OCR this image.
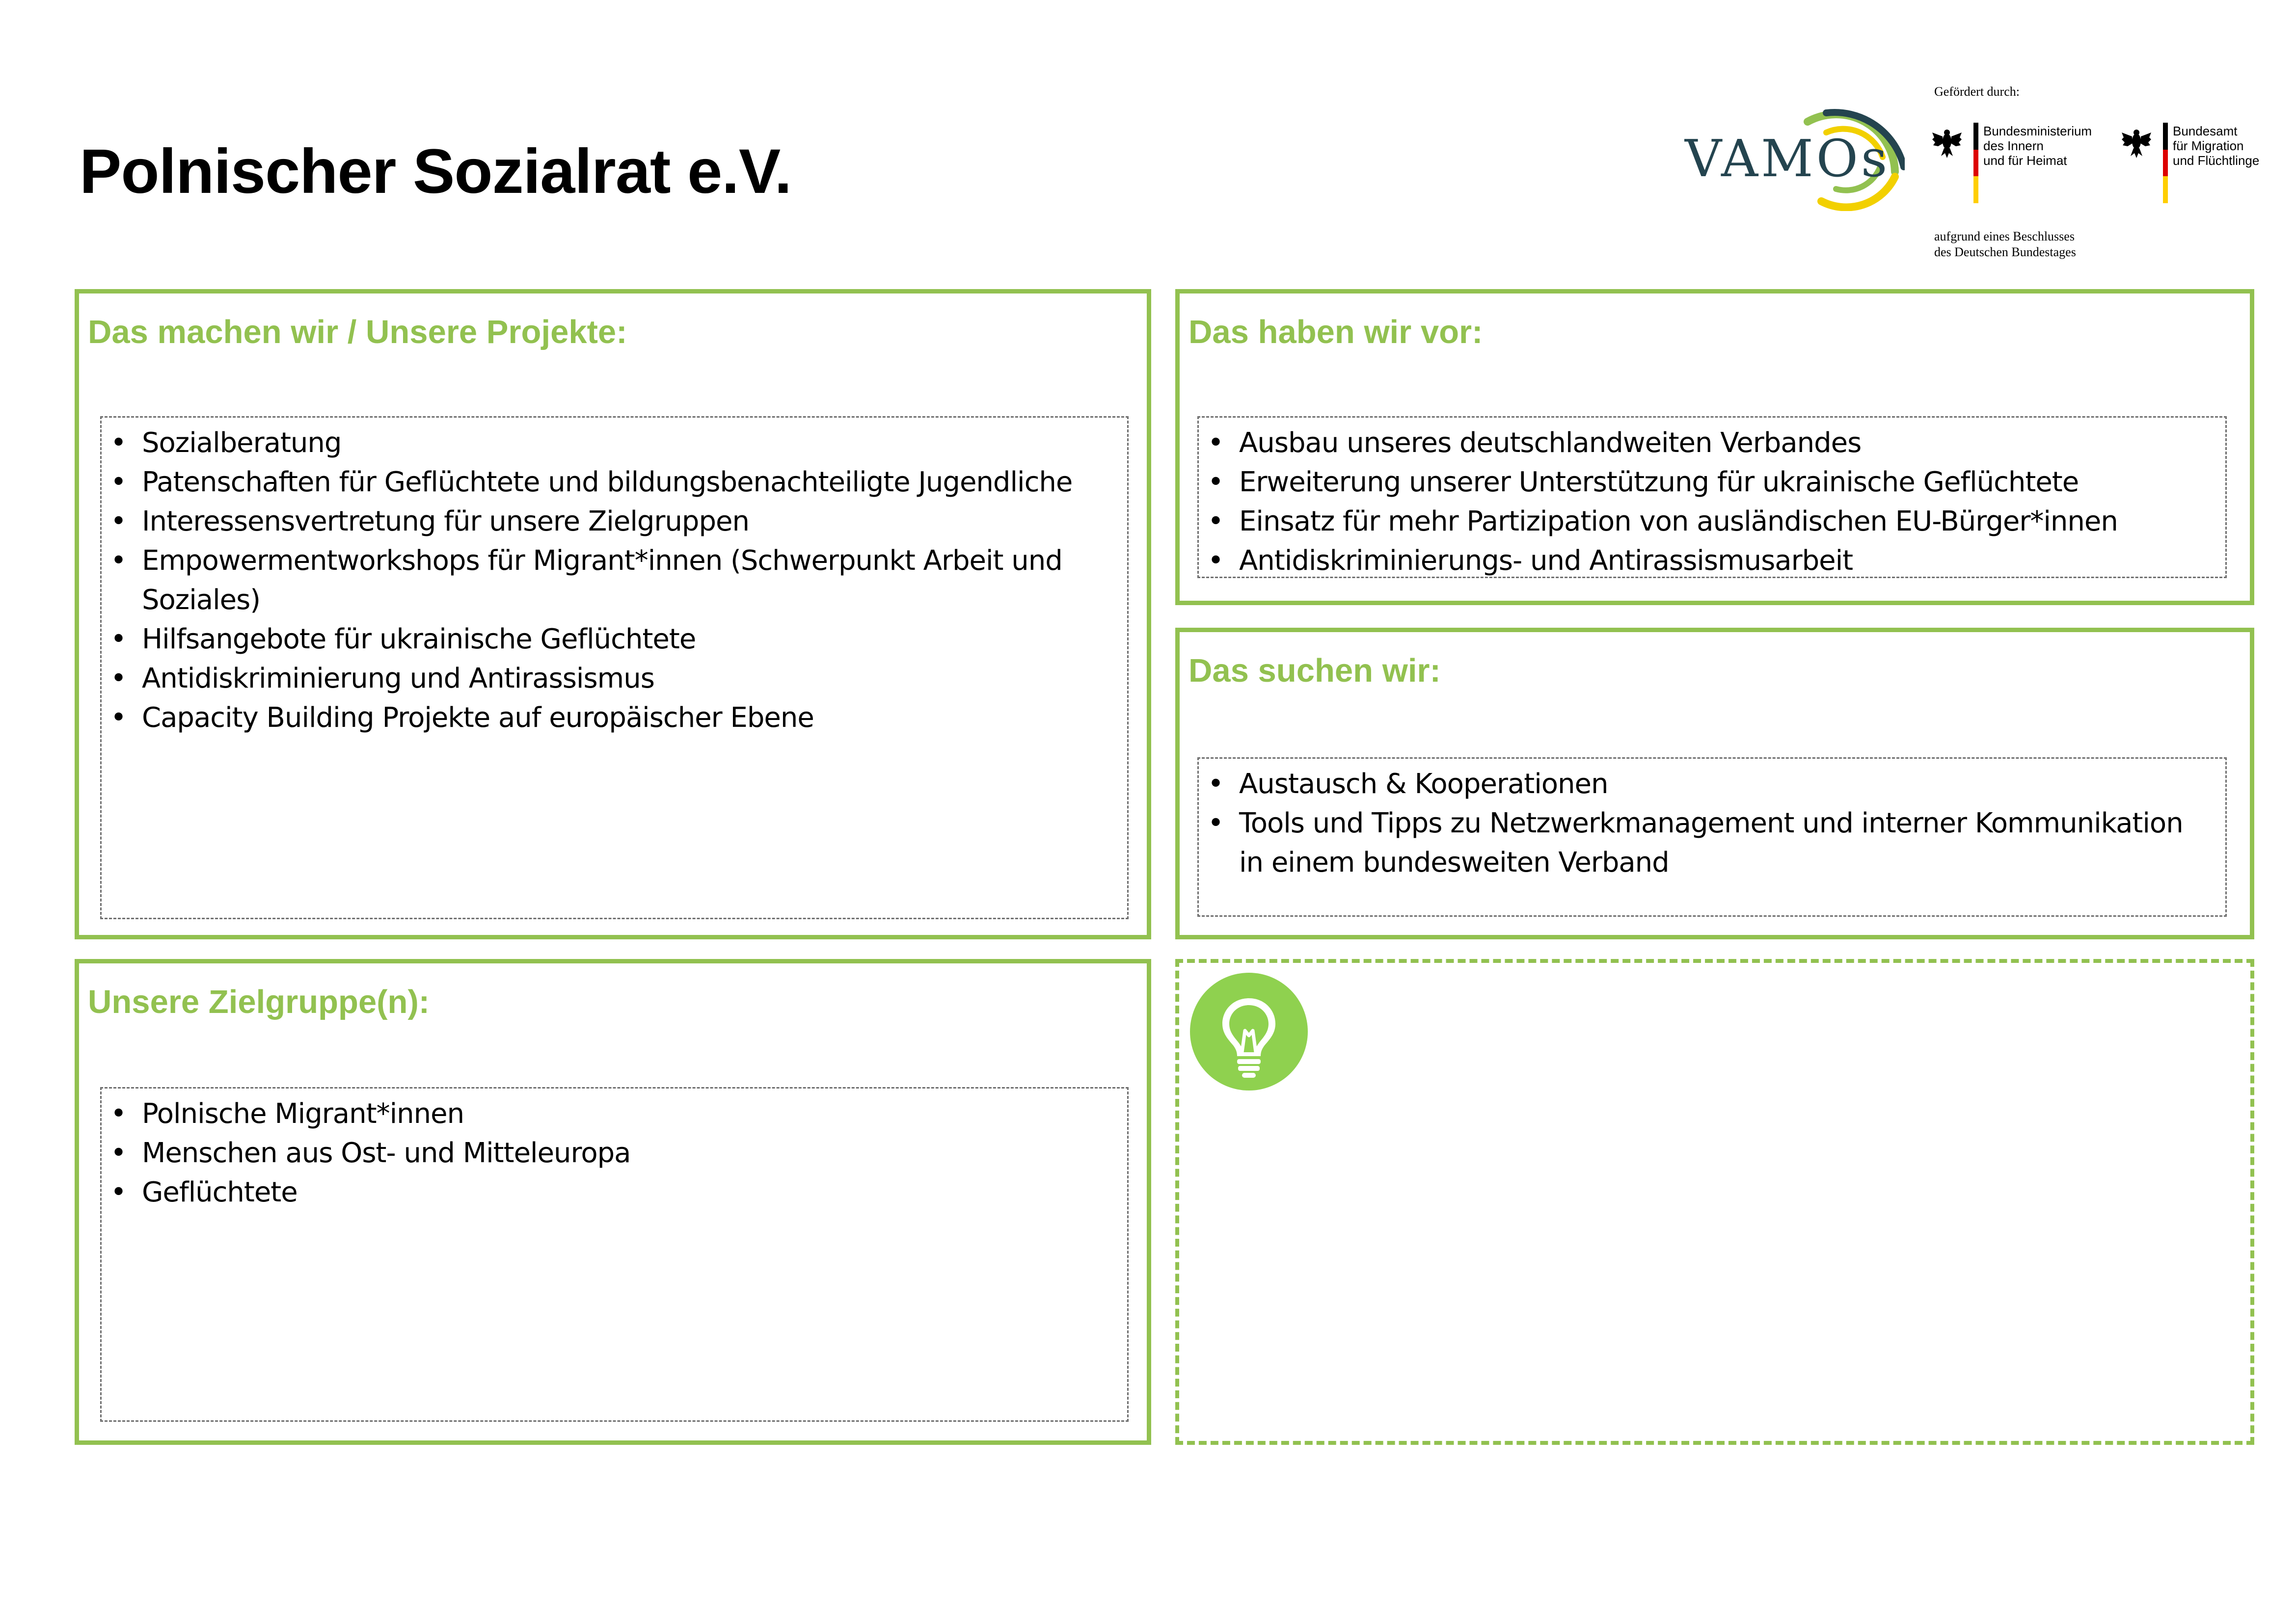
Polnischer Sozialrat e.V.	VAMOs
Gefördert durch:
Bundesministerium
des Innern
und für Heimat
Bundesamt
für Migration
und Flüchtlinge
aufgrund eines Beschlusses
des Deutschen Bundestages
Das machen wir / Unsere Projekte:
• Sozialberatung
• Patenschaften für Geflüchtete und bildungsbenachteiligte Jugendliche
• Interessensvertretung für unsere Zielgruppen
• Empowermentworkshops für Migrant*innen (Schwerpunkt Arbeit und Soziales)
• Hilfsangebote für ukrainische Geflüchtete
• Antidiskriminierung und Antirassismus
• Capacity Building Projekte auf europäischer Ebene
Das haben wir vor:
• Ausbau unseres deutschlandweiten Verbandes
• Erweiterung unserer Unterstützung für ukrainische Geflüchtete
• Einsatz für mehr Partizipation von ausländischen EU-Bürger*innen
• Antidiskriminierungs- und Antirassismusarbeit
Das suchen wir:
• Austausch & Kooperationen
• Tools und Tipps zu Netzwerkmanagement und interner Kommunikation in einem bundesweiten Verband
Unsere Zielgruppe(n):
• Polnische Migrant*innen
• Menschen aus Ost- und Mitteleuropa
• Geflüchtete
